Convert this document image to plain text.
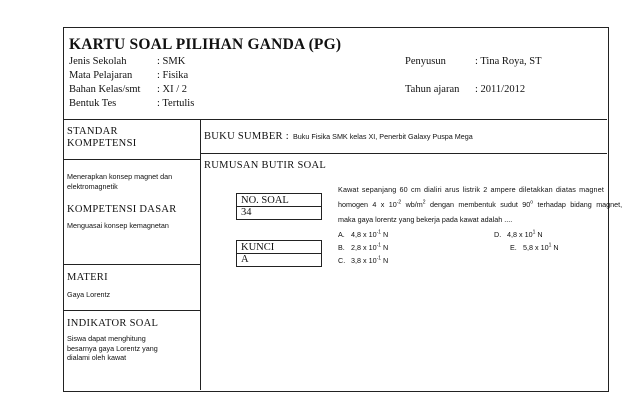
KARTU SOAL PILIHAN GANDA (PG)
Jenis Sekolah	: SMK
Mata Pelajaran : Fisika
Bahan Kelas/smt : XI / 2
Bentuk Tes	: Tertulis
Penyusun	: Tina Roya, ST
Tahun ajaran : 2011/2012
STANDAR
KOMPETENSI
Menerapkan konsep magnet dan
elektromagnetik
KOMPETENSI DASAR
Menguasai konsep kemagnetan
MATERI
Gaya Lorentz
INDIKATOR SOAL
Siswa dapat menghitung
besarnya gaya Lorentz yang
dialami oleh kawat
BUKU SUMBER : Buku Fisika SMK kelas XI, Penerbit Galaxy Puspa Mega
RUMUSAN BUTIR SOAL
NO. SOAL
34
KUNCI
A
Kawat sepanjang 60 cm dialiri arus listrik 2 ampere diletakkan diatas magnet
homogen 4 x $10^{-2}$ $wb/m^2$ dengan membentuk sudut 90$^o$ terhadap bidang magnet,
maka gaya lorentz yang bekerja pada kawat adalah ....
A. 4,8 x $10^{-1}$ N
B. 2,8 x $10^{-1}$ N
C. 3,8 x $10^{-1}$ N
D. 4,8 x $10^1$ N
E. 5,8 x $10^1$ N
